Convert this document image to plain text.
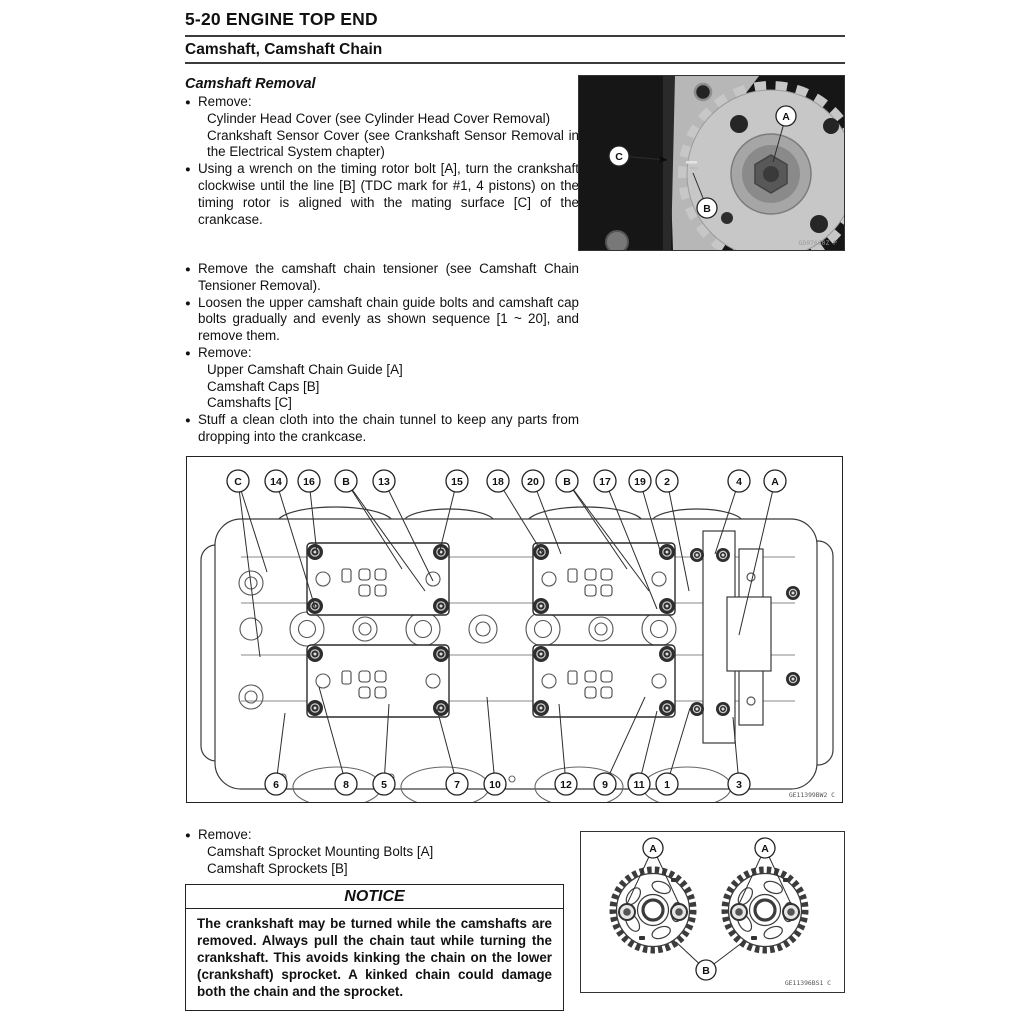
5-20 ENGINE TOP END
Camshaft, Camshaft Chain
Camshaft Removal
●
Remove:
Cylinder Head Cover (see Cylinder Head Cover Removal)
Crankshaft Sensor Cover (see Crankshaft Sensor Removal in the Electrical System chapter)
●
Using a wrench on the timing rotor bolt [A], turn the crankshaft clockwise until the line [B] (TDC mark for #1, 4 pistons) on the timing rotor is aligned with the mating surface [C] of the crankcase.
A
B
C
GD07660Z P
●
Remove the camshaft chain tensioner (see Camshaft Chain Tensioner Removal).
●
Loosen the upper camshaft chain guide bolts and camshaft cap bolts gradually and evenly as shown sequence [1 ~ 20], and remove them.
●
Remove:
Upper Camshaft Chain Guide [A]
Camshaft Caps [B]
Camshafts [C]
●
Stuff a clean cloth into the chain tunnel to keep any parts from dropping into the crankcase.
C	14 16	B	13	15	18 20 B	17 19 2	4	A
6	8	5	7	10	12	9 11 1	3
GE11399BW2 C
●
Remove:
Camshaft Sprocket Mounting Bolts [A]
Camshaft Sprockets [B]
NOTICE
The crankshaft may be turned while the camshafts are removed. Always pull the chain taut while turning the crankshaft. This avoids kinking the chain on the lower (crankshaft) sprocket. A kinked chain could damage both the chain and the sprocket.
A	A
B
GE11396BS1 C
